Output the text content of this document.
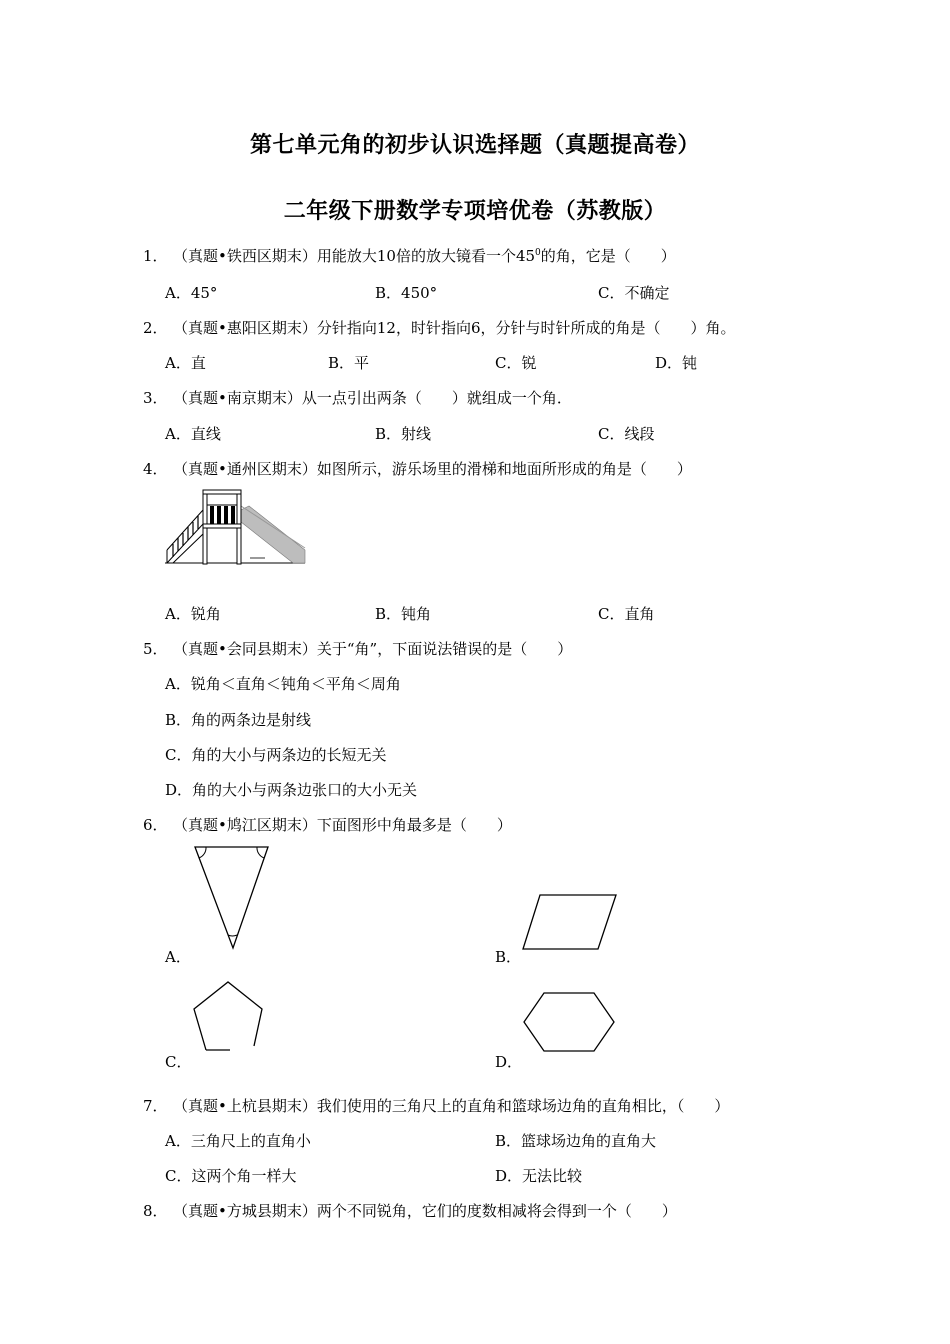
第七单元角的初步认识选择题（真题提高卷）
二年级下册数学专项培优卷（苏教版）
1． （真题•铁西区期末）用能放大10倍的放大镜看一个$45^0$的角，它是（　　）
A．45°	B．450°	C．不确定
2． （真题•惠阳区期末）分针指向12，时针指向6，分针与时针所成的角是（　　）角。
A．直	B．平	C．锐	D．钝
3． （真题•南京期末）从一点引出两条（　　）就组成一个角．
A．直线	B．射线	C．线段
4． （真题•通州区期末）如图所示，游乐场里的滑梯和地面所形成的角是（　　）
A．锐角	B．钝角	C．直角
5． （真题•会同县期末）关于“角”，下面说法错误的是（　　）
A．锐角＜直角＜钝角＜平角＜周角
B．角的两条边是射线
C．角的大小与两条边的长短无关
D．角的大小与两条边张口的大小无关
6． （真题•鸠江区期末）下面图形中角最多是（　　）
A．	B．
C．	D．
7． （真题•上杭县期末）我们使用的三角尺上的直角和篮球场边角的直角相比，（　　）
A．三角尺上的直角小	B．篮球场边角的直角大
C．这两个角一样大	D．无法比较
8． （真题•方城县期末）两个不同锐角，它们的度数相减将会得到一个（　　）
